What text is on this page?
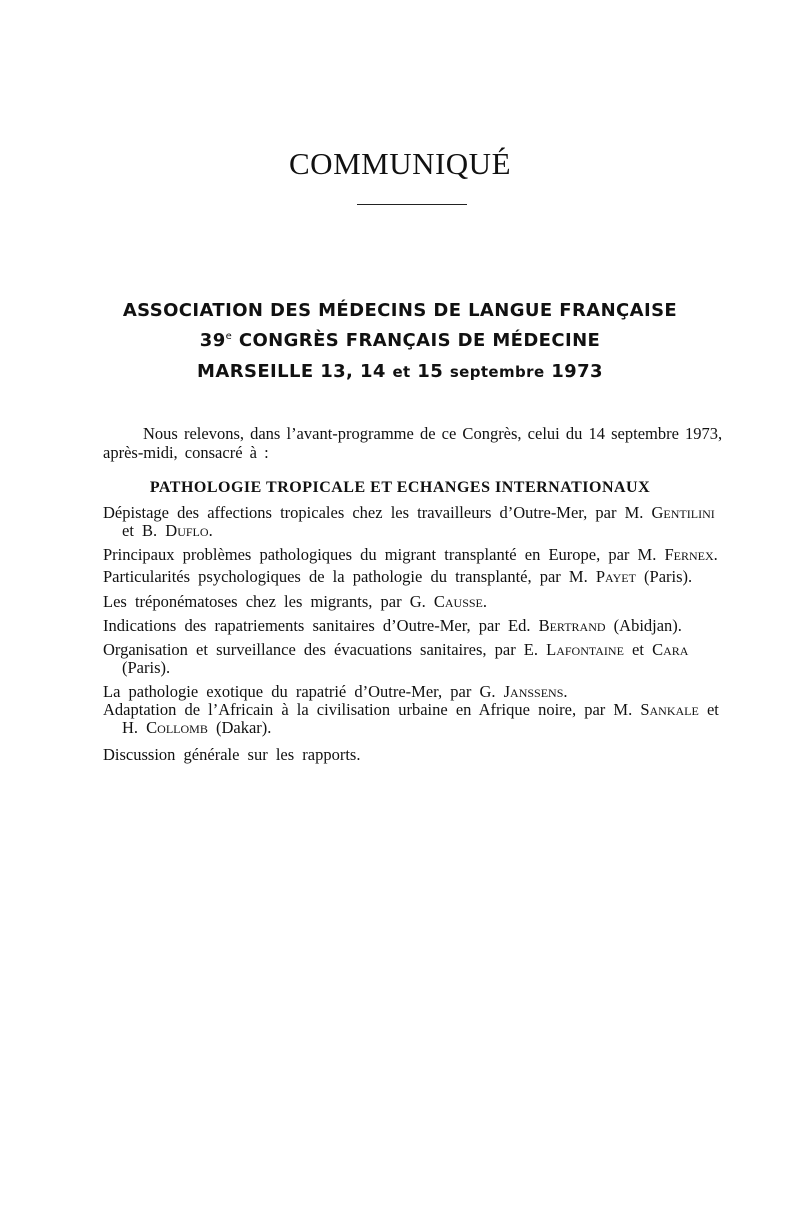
COMMUNIQUÉ
ASSOCIATION DES MÉDECINS DE LANGUE FRANÇAISE
39e CONGRÈS FRANÇAIS DE MÉDECINE
MARSEILLE 13, 14 et 15 septembre 1973
Nous relevons, dans l’avant-programme de ce Congrès, celui du 14 septembre 1973,
après-midi, consacré à :
PATHOLOGIE TROPICALE ET ECHANGES INTERNATIONAUX
Dépistage des affections tropicales chez les travailleurs d’Outre-Mer, par M. Gentilini
et B. Duflo.
Principaux problèmes pathologiques du migrant transplanté en Europe, par M. Fernex.
Particularités psychologiques de la pathologie du transplanté, par M. Payet (Paris).
Les tréponématoses chez les migrants, par G. Causse.
Indications des rapatriements sanitaires d’Outre-Mer, par Ed. Bertrand (Abidjan).
Organisation et surveillance des évacuations sanitaires, par E. Lafontaine et Cara
(Paris).
La pathologie exotique du rapatrié d’Outre-Mer, par G. Janssens.
Adaptation de l’Africain à la civilisation urbaine en Afrique noire, par M. Sankale et
H. Collomb (Dakar).
Discussion générale sur les rapports.
